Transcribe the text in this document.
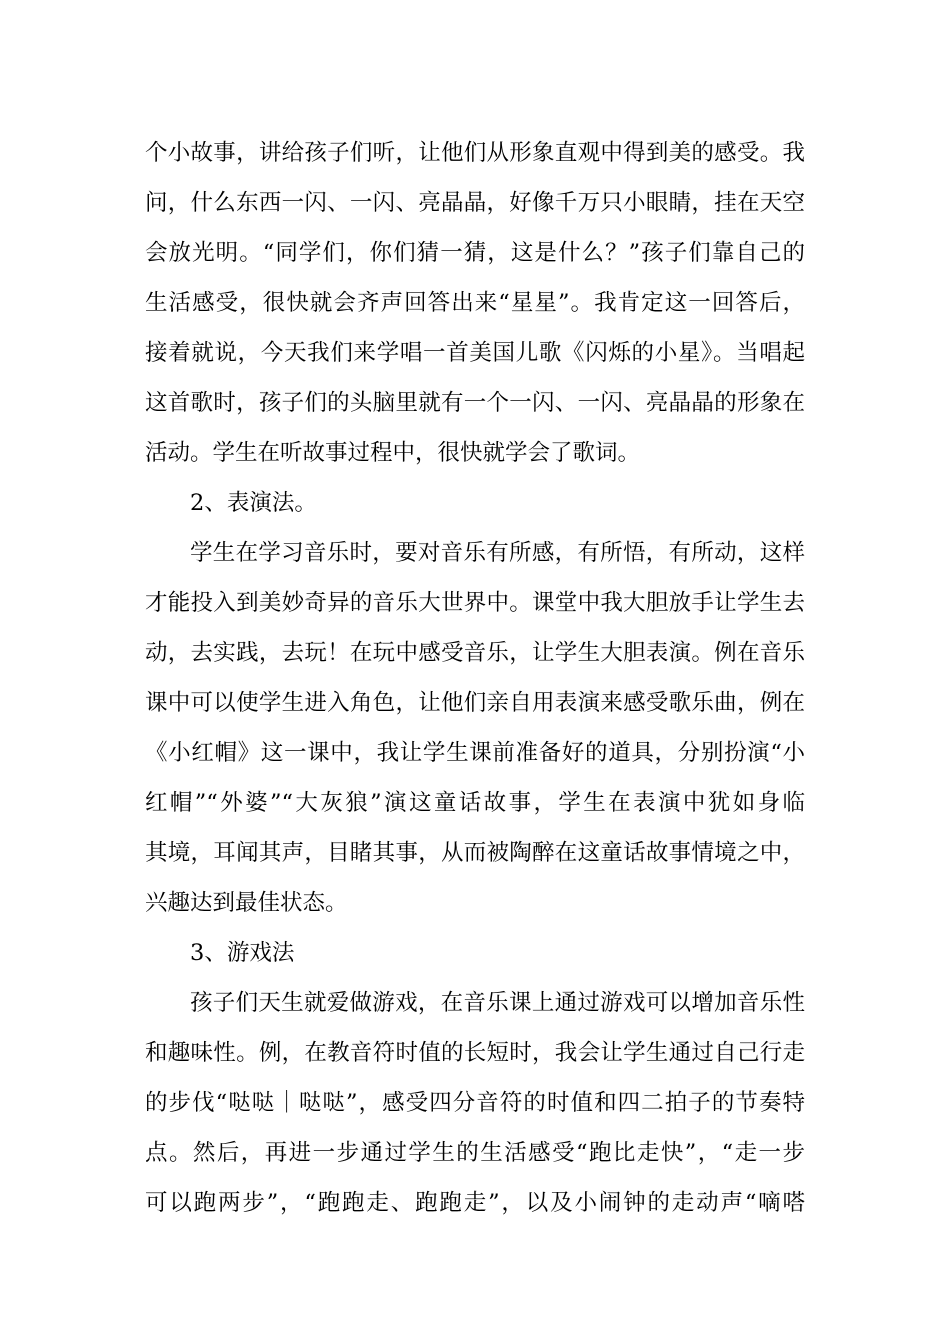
个小故事，讲给孩子们听，让他们从形象直观中得到美的感受。我
问，什么东西一闪、一闪、亮晶晶，好像千万只小眼睛，挂在天空
会放光明。“同学们，你们猜一猜，这是什么？”孩子们靠自己的
生活感受，很快就会齐声回答出来“星星”。我肯定这一回答后，
接着就说，今天我们来学唱一首美国儿歌《闪烁的小星》。当唱起
这首歌时，孩子们的头脑里就有一个一闪、一闪、亮晶晶的形象在
活动。学生在听故事过程中，很快就学会了歌词。
2、表演法。
学生在学习音乐时，要对音乐有所感，有所悟，有所动，这样
才能投入到美妙奇异的音乐大世界中。课堂中我大胆放手让学生去
动，去实践，去玩！在玩中感受音乐，让学生大胆表演。例在音乐
课中可以使学生进入角色，让他们亲自用表演来感受歌乐曲，例在
《小红帽》这一课中，我让学生课前准备好的道具，分别扮演“小
红帽”“外婆”“大灰狼”演这童话故事，学生在表演中犹如身临
其境，耳闻其声，目睹其事，从而被陶醉在这童话故事情境之中，
兴趣达到最佳状态。
3、游戏法
孩子们天生就爱做游戏，在音乐课上通过游戏可以增加音乐性
和趣味性。例，在教音符时值的长短时，我会让学生通过自己行走
的步伐“哒哒｜哒哒”，感受四分音符的时值和四二拍子的节奏特
点。然后，再进一步通过学生的生活感受“跑比走快”，“走一步
可以跑两步”，“跑跑走、跑跑走”，以及小闹钟的走动声“嘀嗒
